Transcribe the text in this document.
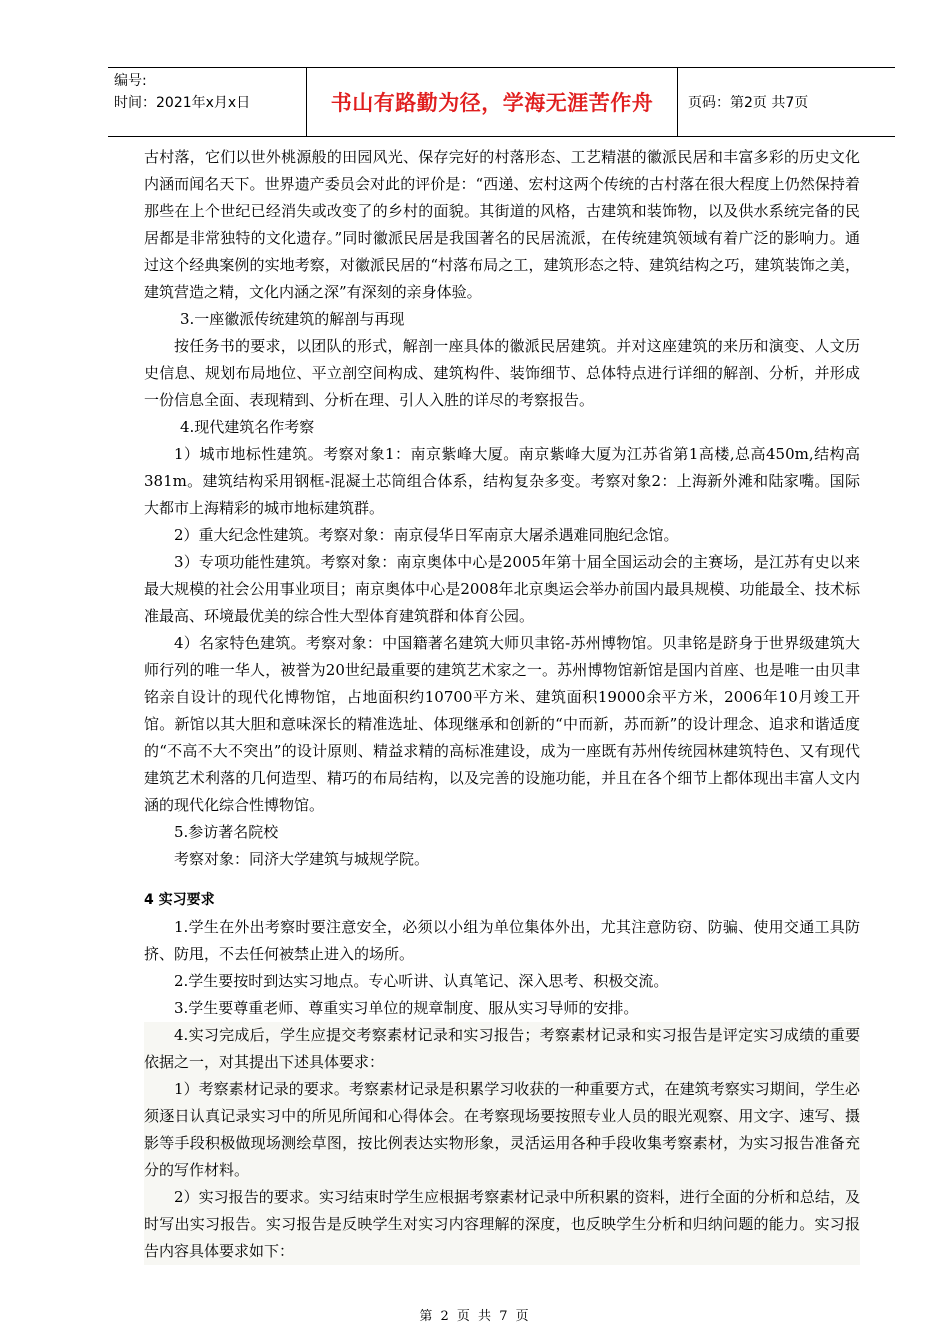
编号:
时间：2021年x月x日	书山有路勤为径，学海无涯苦作舟	页码：第2页 共7页

古村落，它们以世外桃源般的田园风光、保存完好的村落形态、工艺精湛的徽派民居和丰富多彩的历史文化内涵而闻名天下。世界遗产委员会对此的评价是：“西递、宏村这两个传统的古村落在很大程度上仍然保持着那些在上个世纪已经消失或改变了的乡村的面貌。其街道的风格，古建筑和装饰物，以及供水系统完备的民居都是非常独特的文化遗存。”同时徽派民居是我国著名的民居流派，在传统建筑领域有着广泛的影响力。通过这个经典案例的实地考察，对徽派民居的“村落布局之工，建筑形态之特、建筑结构之巧，建筑装饰之美，建筑营造之精，文化内涵之深”有深刻的亲身体验。

3.一座徽派传统建筑的解剖与再现

按任务书的要求，以团队的形式，解剖一座具体的徽派民居建筑。并对这座建筑的来历和演变、人文历史信息、规划布局地位、平立剖空间构成、建筑构件、装饰细节、总体特点进行详细的解剖、分析，并形成一份信息全面、表现精到、分析在理、引人入胜的详尽的考察报告。

4.现代建筑名作考察

1）城市地标性建筑。考察对象1：南京紫峰大厦。南京紫峰大厦为江苏省第1高楼,总高450m,结构高381m。建筑结构采用钢框-混凝土芯筒组合体系，结构复杂多变。考察对象2：上海新外滩和陆家嘴。国际大都市上海精彩的城市地标建筑群。

2）重大纪念性建筑。考察对象：南京侵华日军南京大屠杀遇难同胞纪念馆。

3）专项功能性建筑。考察对象：南京奥体中心是2005年第十届全国运动会的主赛场，是江苏有史以来最大规模的社会公用事业项目；南京奥体中心是2008年北京奥运会举办前国内最具规模、功能最全、技术标准最高、环境最优美的综合性大型体育建筑群和体育公园。

4）名家特色建筑。考察对象：中国籍著名建筑大师贝聿铭-苏州博物馆。贝聿铭是跻身于世界级建筑大师行列的唯一华人，被誉为20世纪最重要的建筑艺术家之一。苏州博物馆新馆是国内首座、也是唯一由贝聿铭亲自设计的现代化博物馆，占地面积约10700平方米、建筑面积19000余平方米，2006年10月竣工开馆。新馆以其大胆和意味深长的精准选址、体现继承和创新的“中而新，苏而新”的设计理念、追求和谐适度的“不高不大不突出”的设计原则、精益求精的高标准建设，成为一座既有苏州传统园林建筑特色、又有现代建筑艺术利落的几何造型、精巧的布局结构，以及完善的设施功能，并且在各个细节上都体现出丰富人文内涵的现代化综合性博物馆。

5.参访著名院校

考察对象：同济大学建筑与城规学院。

4 实习要求

1.学生在外出考察时要注意安全，必须以小组为单位集体外出，尤其注意防窃、防骗、使用交通工具防挤、防甩，不去任何被禁止进入的场所。

2.学生要按时到达实习地点。专心听讲、认真笔记、深入思考、积极交流。

3.学生要尊重老师、尊重实习单位的规章制度、服从实习导师的安排。

4.实习完成后，学生应提交考察素材记录和实习报告；考察素材记录和实习报告是评定实习成绩的重要依据之一，对其提出下述具体要求：

1）考察素材记录的要求。考察素材记录是积累学习收获的一种重要方式，在建筑考察实习期间，学生必须逐日认真记录实习中的所见所闻和心得体会。在考察现场要按照专业人员的眼光观察、用文字、速写、摄影等手段积极做现场测绘草图，按比例表达实物形象，灵活运用各种手段收集考察素材，为实习报告准备充分的写作材料。

2）实习报告的要求。实习结束时学生应根据考察素材记录中所积累的资料，进行全面的分析和总结，及时写出实习报告。实习报告是反映学生对实习内容理解的深度，也反映学生分析和归纳问题的能力。实习报告内容具体要求如下：

第 2 页 共 7 页
